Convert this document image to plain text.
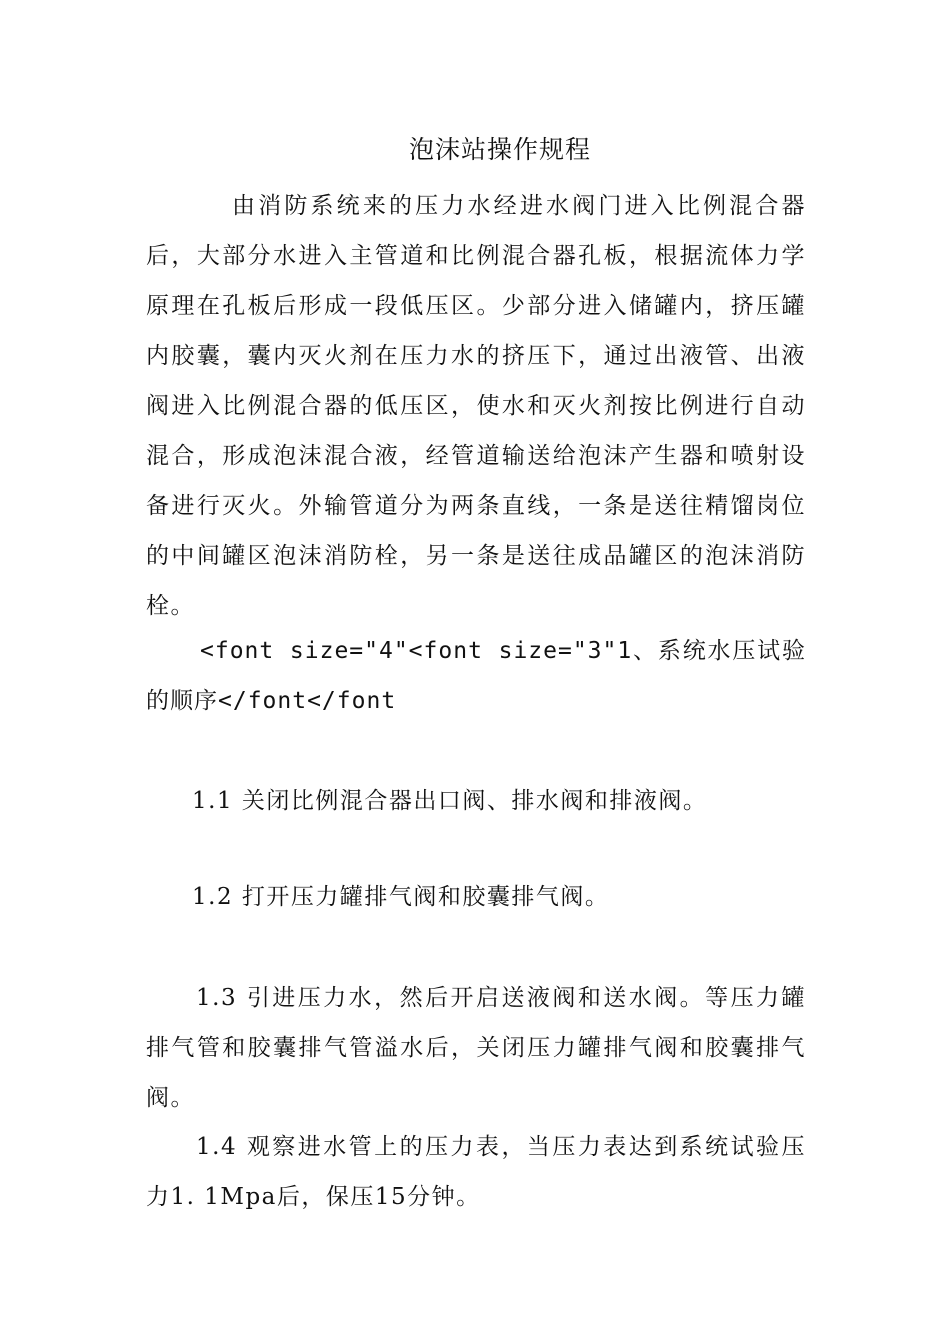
泡沫站操作规程

由消防系统来的压力水经进水阀门进入比例混合器后，大部分水进入主管道和比例混合器孔板，根据流体力学原理在孔板后形成一段低压区。少部分进入储罐内，挤压罐内胶囊，囊内灭火剂在压力水的挤压下，通过出液管、出液阀进入比例混合器的低压区，使水和灭火剂按比例进行自动混合，形成泡沫混合液，经管道输送给泡沫产生器和喷射设备进行灭火。外输管道分为两条直线，一条是送往精馏岗位的中间罐区泡沫消防栓，另一条是送往成品罐区的泡沫消防栓。

<font size="4"<font size="3"1、系统水压试验的顺序</font</font

1.1 关闭比例混合器出口阀、排水阀和排液阀。

1.2 打开压力罐排气阀和胶囊排气阀。

1.3 引进压力水，然后开启送液阀和送水阀。等压力罐排气管和胶囊排气管溢水后，关闭压力罐排气阀和胶囊排气阀。

1.4 观察进水管上的压力表，当压力表达到系统试验压力1. 1Mpa后，保压15分钟。
